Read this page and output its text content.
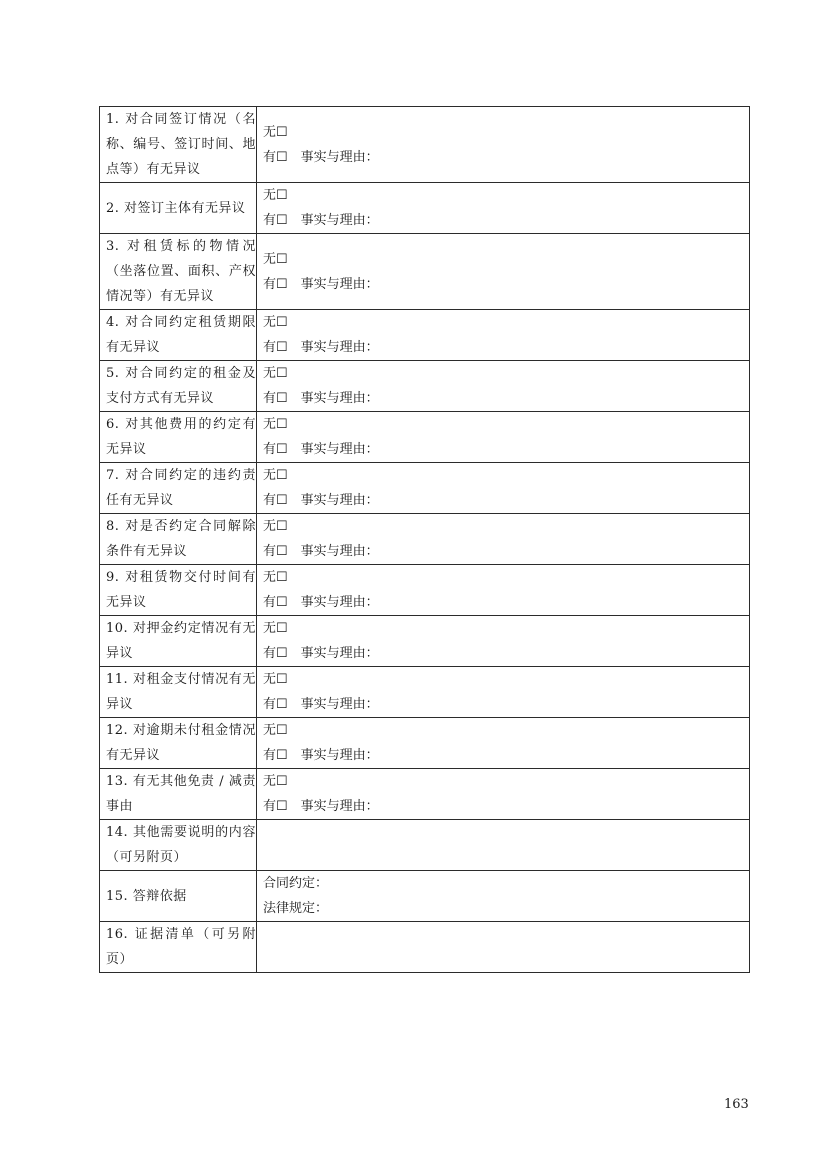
1. 对合同签订情况（名称、编号、签订时间、地点等）有无异议	无☐
有☐　事实与理由：

2. 对签订主体有无异议	无☐
有☐　事实与理由：

3. 对租赁标的物情况（坐落位置、面积、产权情况等）有无异议	无☐
有☐　事实与理由：

4. 对合同约定租赁期限有无异议	无☐
有☐　事实与理由：

5. 对合同约定的租金及支付方式有无异议	无☐
有☐　事实与理由：

6. 对其他费用的约定有无异议	无☐
有☐　事实与理由：

7. 对合同约定的违约责任有无异议	无☐
有☐　事实与理由：

8. 对是否约定合同解除条件有无异议	无☐
有☐　事实与理由：

9. 对租赁物交付时间有无异议	无☐
有☐　事实与理由：

10. 对押金约定情况有无异议	无☐
有☐　事实与理由：

11. 对租金支付情况有无异议	无☐
有☐　事实与理由：

12. 对逾期未付租金情况有无异议	无☐
有☐　事实与理由：

13. 有无其他免责 / 减责事由	无☐
有☐　事实与理由：

14. 其他需要说明的内容（可另附页）	
15. 答辩依据	合同约定：
法律规定：

16. 证据清单（可另附页）	
163
